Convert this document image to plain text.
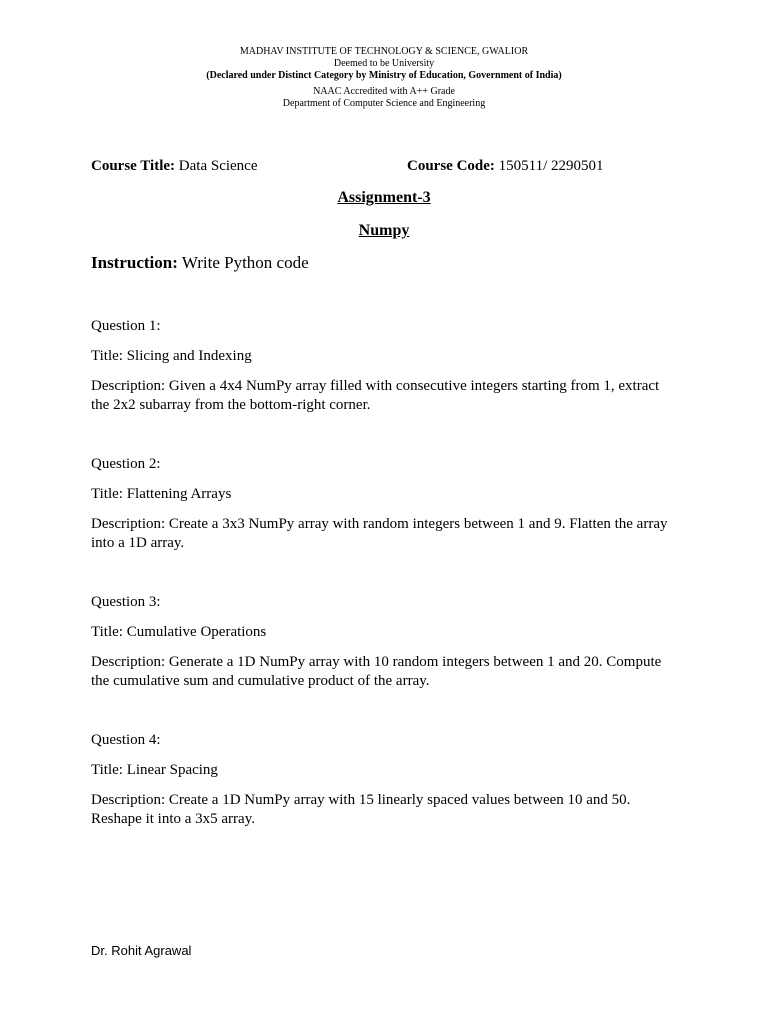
MADHAV INSTITUTE OF TECHNOLOGY & SCIENCE, GWALIOR
Deemed to be University
(Declared under Distinct Category by Ministry of Education, Government of India)
NAAC Accredited with A++ Grade
Department of Computer Science and Engineering
Course Title: Data Science	Course Code: 150511/ 2290501
Assignment-3
Numpy
Instruction: Write Python code
Question 1:
Title: Slicing and Indexing
Description: Given a 4x4 NumPy array filled with consecutive integers starting from 1, extract the 2x2 subarray from the bottom-right corner.
Question 2:
Title: Flattening Arrays
Description: Create a 3x3 NumPy array with random integers between 1 and 9. Flatten the array into a 1D array.
Question 3:
Title: Cumulative Operations
Description: Generate a 1D NumPy array with 10 random integers between 1 and 20. Compute the cumulative sum and cumulative product of the array.
Question 4:
Title: Linear Spacing
Description: Create a 1D NumPy array with 15 linearly spaced values between 10 and 50. Reshape it into a 3x5 array.
Dr. Rohit Agrawal
